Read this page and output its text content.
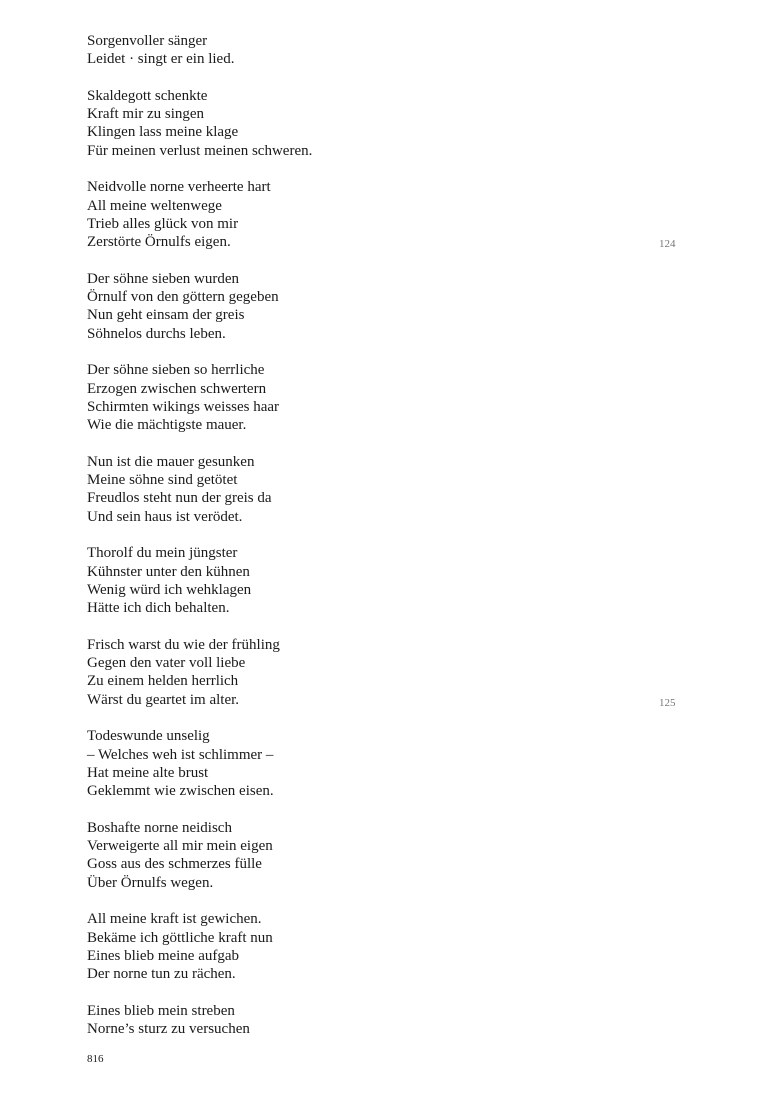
Sorgenvoller sänger
Leidet · singt er ein lied.
Skaldegott schenkte
Kraft mir zu singen
Klingen lass meine klage
Für meinen verlust meinen schweren.
Neidvolle norne verheerte hart
All meine weltenwege
Trieb alles glück von mir
Zerstörte Örnulfs eigen.
Der söhne sieben wurden
Örnulf von den göttern gegeben
Nun geht einsam der greis
Söhnelos durchs leben.
Der söhne sieben so herrliche
Erzogen zwischen schwertern
Schirmten wikings weisses haar
Wie die mächtigste mauer.
Nun ist die mauer gesunken
Meine söhne sind getötet
Freudlos steht nun der greis da
Und sein haus ist verödet.
Thorolf du mein jüngster
Kühnster unter den kühnen
Wenig würd ich wehklagen
Hätte ich dich behalten.
Frisch warst du wie der frühling
Gegen den vater voll liebe
Zu einem helden herrlich
Wärst du geartet im alter.
Todeswunde unselig
– Welches weh ist schlimmer –
Hat meine alte brust
Geklemmt wie zwischen eisen.
Boshafte norne neidisch
Verweigerte all mir mein eigen
Goss aus des schmerzes fülle
Über Örnulfs wegen.
All meine kraft ist gewichen.
Bekäme ich göttliche kraft nun
Eines blieb meine aufgab
Der norne tun zu rächen.
Eines blieb mein streben
Norne’s sturz zu versuchen
124
125
816
